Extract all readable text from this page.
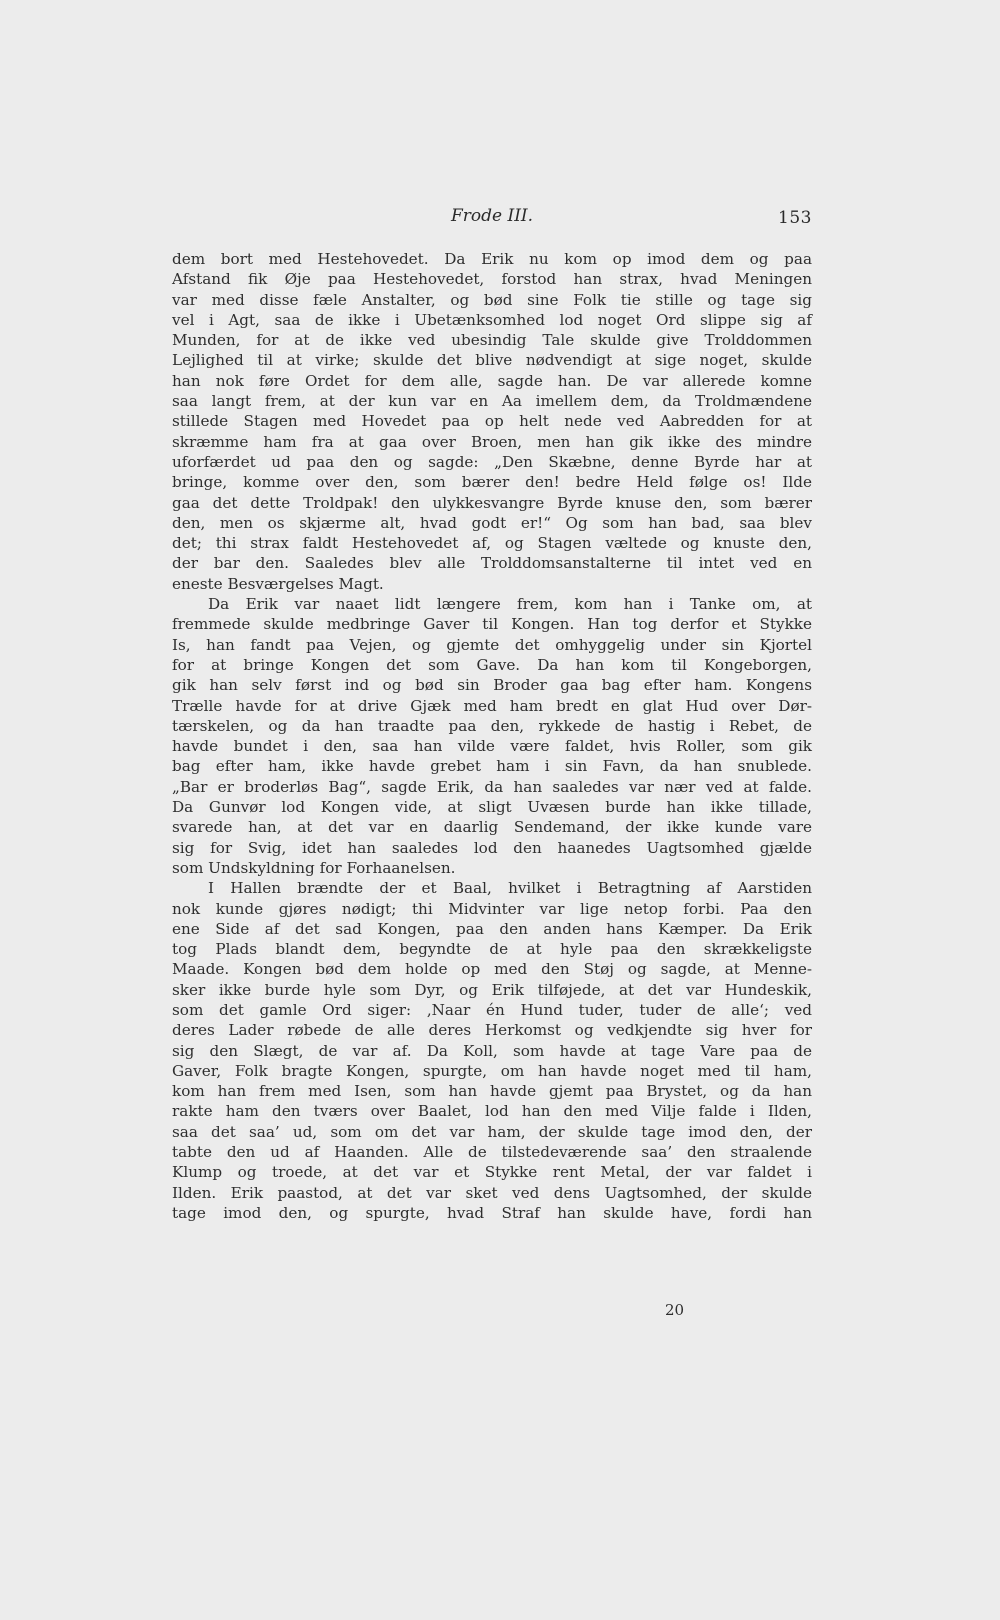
Frode III.	153
dem bort med Hestehovedet. Da Erik nu kom op imod dem og paa
Afstand fik Øje paa Hestehovedet, forstod han strax, hvad Meningen
var med disse fæle Anstalter, og bød sine Folk tie stille og tage sig
vel i Agt, saa de ikke i Ubetænksomhed lod noget Ord slippe sig af
Munden, for at de ikke ved ubesindig Tale skulde give Trolddommen
Lejlighed til at virke; skulde det blive nødvendigt at sige noget, skulde
han nok føre Ordet for dem alle, sagde han. De var allerede komne
saa langt frem, at der kun var en Aa imellem dem, da Troldmændene
stillede Stagen med Hovedet paa op helt nede ved Aabredden for at
skræmme ham fra at gaa over Broen, men han gik ikke des mindre
uforfærdet ud paa den og sagde: „Den Skæbne, denne Byrde har at
bringe, komme over den, som bærer den! bedre Held følge os! Ilde
gaa det dette Troldpak! den ulykkesvangre Byrde knuse den, som bærer
den, men os skjærme alt, hvad godt er!“ Og som han bad, saa blev
det; thi strax faldt Hestehovedet af, og Stagen væltede og knuste den,
der bar den. Saaledes blev alle Trolddomsanstalterne til intet ved en
eneste Besværgelses Magt.
Da Erik var naaet lidt længere frem, kom han i Tanke om, at
fremmede skulde medbringe Gaver til Kongen. Han tog derfor et Stykke
Is, han fandt paa Vejen, og gjemte det omhyggelig under sin Kjortel
for at bringe Kongen det som Gave. Da han kom til Kongeborgen,
gik han selv først ind og bød sin Broder gaa bag efter ham. Kongens
Trælle havde for at drive Gjæk med ham bredt en glat Hud over Dør-
tærskelen, og da han traadte paa den, rykkede de hastig i Rebet, de
havde bundet i den, saa han vilde være faldet, hvis Roller, som gik
bag efter ham, ikke havde grebet ham i sin Favn, da han snublede.
„Bar er broderløs Bag“, sagde Erik, da han saaledes var nær ved at falde.
Da Gunvør lod Kongen vide, at sligt Uvæsen burde han ikke tillade,
svarede han, at det var en daarlig Sendemand, der ikke kunde vare
sig for Svig, idet han saaledes lod den haanedes Uagtsomhed gjælde
som Undskyldning for Forhaanelsen.
I Hallen brændte der et Baal, hvilket i Betragtning af Aarstiden
nok kunde gjøres nødigt; thi Midvinter var lige netop forbi. Paa den
ene Side af det sad Kongen, paa den anden hans Kæmper. Da Erik
tog Plads blandt dem, begyndte de at hyle paa den skrækkeligste
Maade. Kongen bød dem holde op med den Støj og sagde, at Menne-
sker ikke burde hyle som Dyr, og Erik tilføjede, at det var Hundeskik,
som det gamle Ord siger: ‚Naar én Hund tuder, tuder de alle‘; ved
deres Lader røbede de alle deres Herkomst og vedkjendte sig hver for
sig den Slægt, de var af. Da Koll, som havde at tage Vare paa de
Gaver, Folk bragte Kongen, spurgte, om han havde noget med til ham,
kom han frem med Isen, som han havde gjemt paa Brystet, og da han
rakte ham den tværs over Baalet, lod han den med Vilje falde i Ilden,
saa det saa’ ud, som om det var ham, der skulde tage imod den, der
tabte den ud af Haanden. Alle de tilstedeværende saa’ den straalende
Klump og troede, at det var et Stykke rent Metal, der var faldet i
Ilden. Erik paastod, at det var sket ved dens Uagtsomhed, der skulde
tage imod den, og spurgte, hvad Straf han skulde have, fordi han
20
